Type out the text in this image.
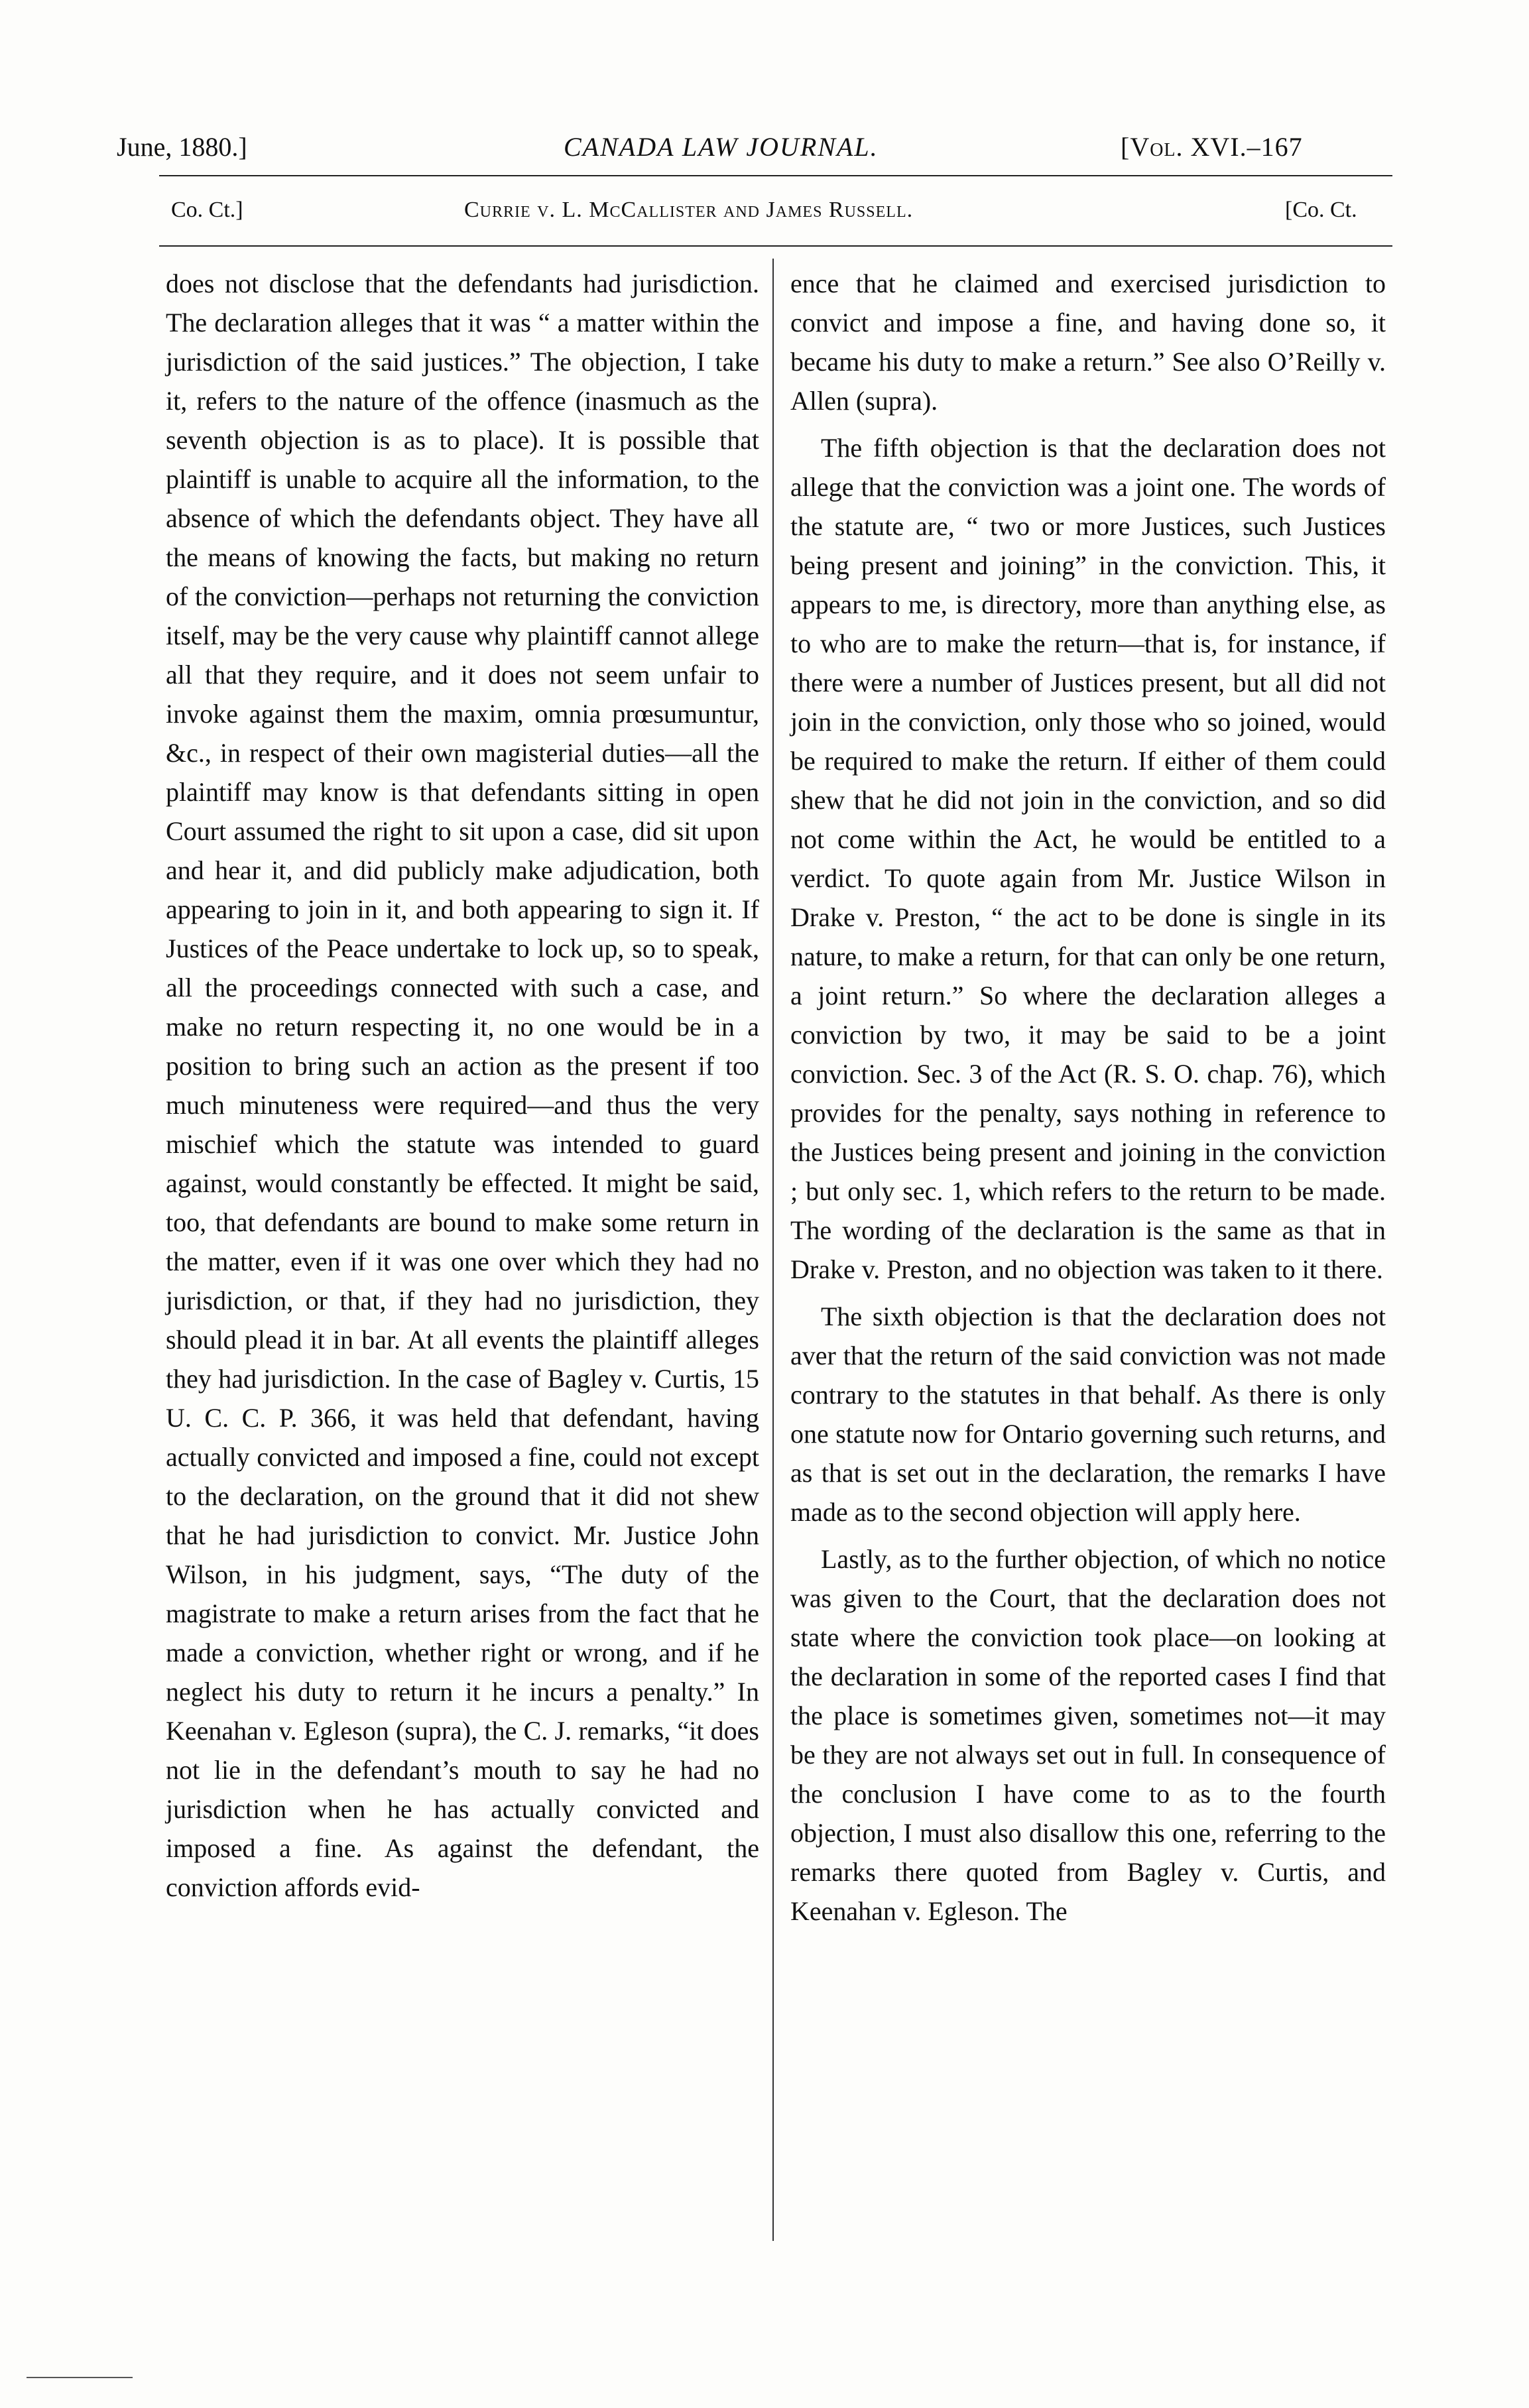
June, 1880.]	CANADA LAW JOURNAL.	[Vol. XVI.–167
Co. Ct.]	Currie v. L. McCallister and James Russell.	[Co. Ct.

does not disclose that the defendants had jurisdiction. The declaration alleges that it was “ a matter within the jurisdiction of the said justices.” The objection, I take it, refers to the nature of the offence (inasmuch as the seventh objection is as to place). It is possible that plaintiff is unable to acquire all the information, to the absence of which the defendants object. They have all the means of knowing the facts, but making no return of the conviction—perhaps not returning the conviction itself, may be the very cause why plaintiff cannot allege all that they require, and it does not seem unfair to invoke against them the maxim, omnia prœsumuntur, &c., in respect of their own magisterial duties—all the plaintiff may know is that defendants sitting in open Court assumed the right to sit upon a case, did sit upon and hear it, and did publicly make adjudication, both appearing to join in it, and both appearing to sign it. If Justices of the Peace undertake to lock up, so to speak, all the proceedings connected with such a case, and make no return respecting it, no one would be in a position to bring such an action as the present if too much minuteness were required—and thus the very mischief which the statute was intended to guard against, would constantly be effected. It might be said, too, that defendants are bound to make some return in the matter, even if it was one over which they had no jurisdiction, or that, if they had no jurisdiction, they should plead it in bar. At all events the plaintiff alleges they had jurisdiction. In the case of Bagley v. Curtis, 15 U. C. C. P. 366, it was held that defendant, having actually convicted and imposed a fine, could not except to the declaration, on the ground that it did not shew that he had jurisdiction to convict. Mr. Justice John Wilson, in his judgment, says, “The duty of the magistrate to make a return arises from the fact that he made a conviction, whether right or wrong, and if he neglect his duty to return it he incurs a penalty.” In Keenahan v. Egleson (supra), the C. J. remarks, “it does not lie in the defendant’s mouth to say he had no jurisdiction when he has actually convicted and imposed a fine. As against the defendant, the conviction affords evid-

ence that he claimed and exercised jurisdiction to convict and impose a fine, and having done so, it became his duty to make a return.” See also O’Reilly v. Allen (supra).

The fifth objection is that the declaration does not allege that the conviction was a joint one. The words of the statute are, “ two or more Justices, such Justices being present and joining” in the conviction. This, it appears to me, is directory, more than anything else, as to who are to make the return—that is, for instance, if there were a number of Justices present, but all did not join in the conviction, only those who so joined, would be required to make the return. If either of them could shew that he did not join in the conviction, and so did not come within the Act, he would be entitled to a verdict. To quote again from Mr. Justice Wilson in Drake v. Preston, “ the act to be done is single in its nature, to make a return, for that can only be one return, a joint return.” So where the declaration alleges a conviction by two, it may be said to be a joint conviction. Sec. 3 of the Act (R. S. O. chap. 76), which provides for the penalty, says nothing in reference to the Justices being present and joining in the conviction ; but only sec. 1, which refers to the return to be made. The wording of the declaration is the same as that in Drake v. Preston, and no objection was taken to it there.

The sixth objection is that the declaration does not aver that the return of the said conviction was not made contrary to the statutes in that behalf. As there is only one statute now for Ontario governing such returns, and as that is set out in the declaration, the remarks I have made as to the second objection will apply here.

Lastly, as to the further objection, of which no notice was given to the Court, that the declaration does not state where the conviction took place—on looking at the declaration in some of the reported cases I find that the place is sometimes given, sometimes not—it may be they are not always set out in full. In consequence of the conclusion I have come to as to the fourth objection, I must also disallow this one, referring to the remarks there quoted from Bagley v. Curtis, and Keenahan v. Egleson. The
